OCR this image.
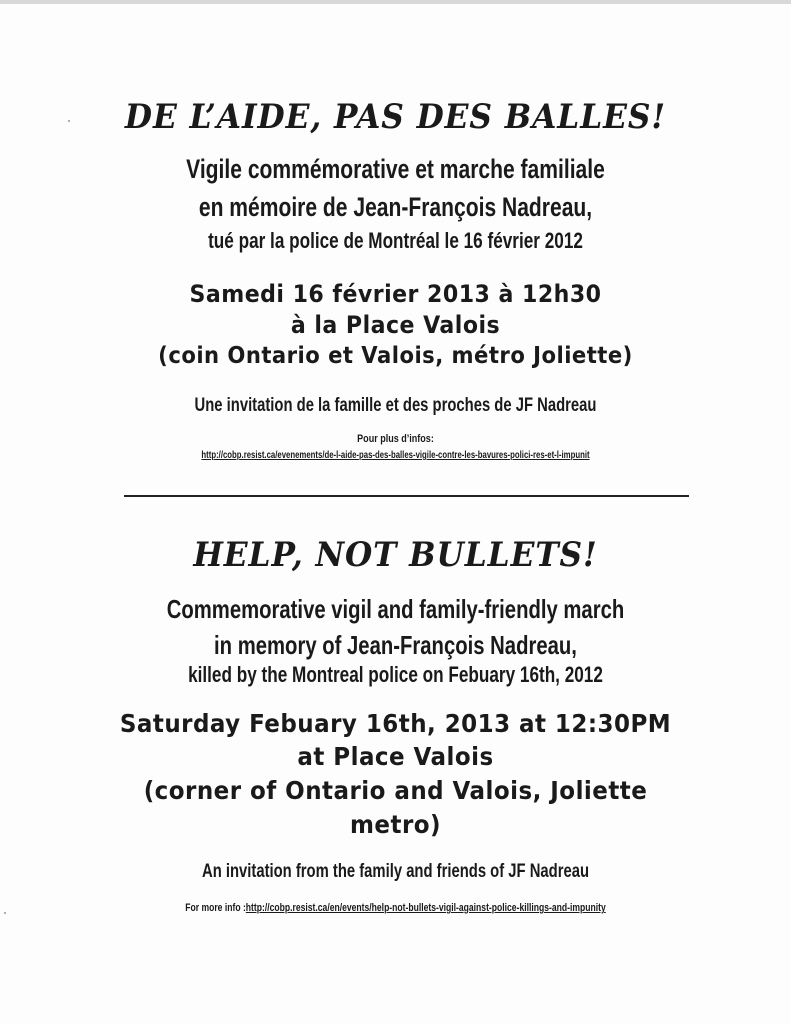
DE L’AIDE, PAS DES BALLES!
Vigile commémorative et marche familiale
en mémoire de Jean-François Nadreau,
tué par la police de Montréal le 16 février 2012
Samedi 16 février 2013 à 12h30
à la Place Valois
(coin Ontario et Valois, métro Joliette)
Une invitation de la famille et des proches de JF Nadreau
Pour plus d’infos:
http://cobp.resist.ca/evenements/de-l-aide-pas-des-balles-vigile-contre-les-bavures-polici-res-et-l-impunit
HELP, NOT BULLETS!
Commemorative vigil and family-friendly march
in memory of Jean-François Nadreau,
killed by the Montreal police on Febuary 16th, 2012
Saturday Febuary 16th, 2013 at 12:30PM
at Place Valois
(corner of Ontario and Valois, Joliette
metro)
An invitation from the family and friends of JF Nadreau
For more info :http://cobp.resist.ca/en/events/help-not-bullets-vigil-against-police-killings-and-impunity
